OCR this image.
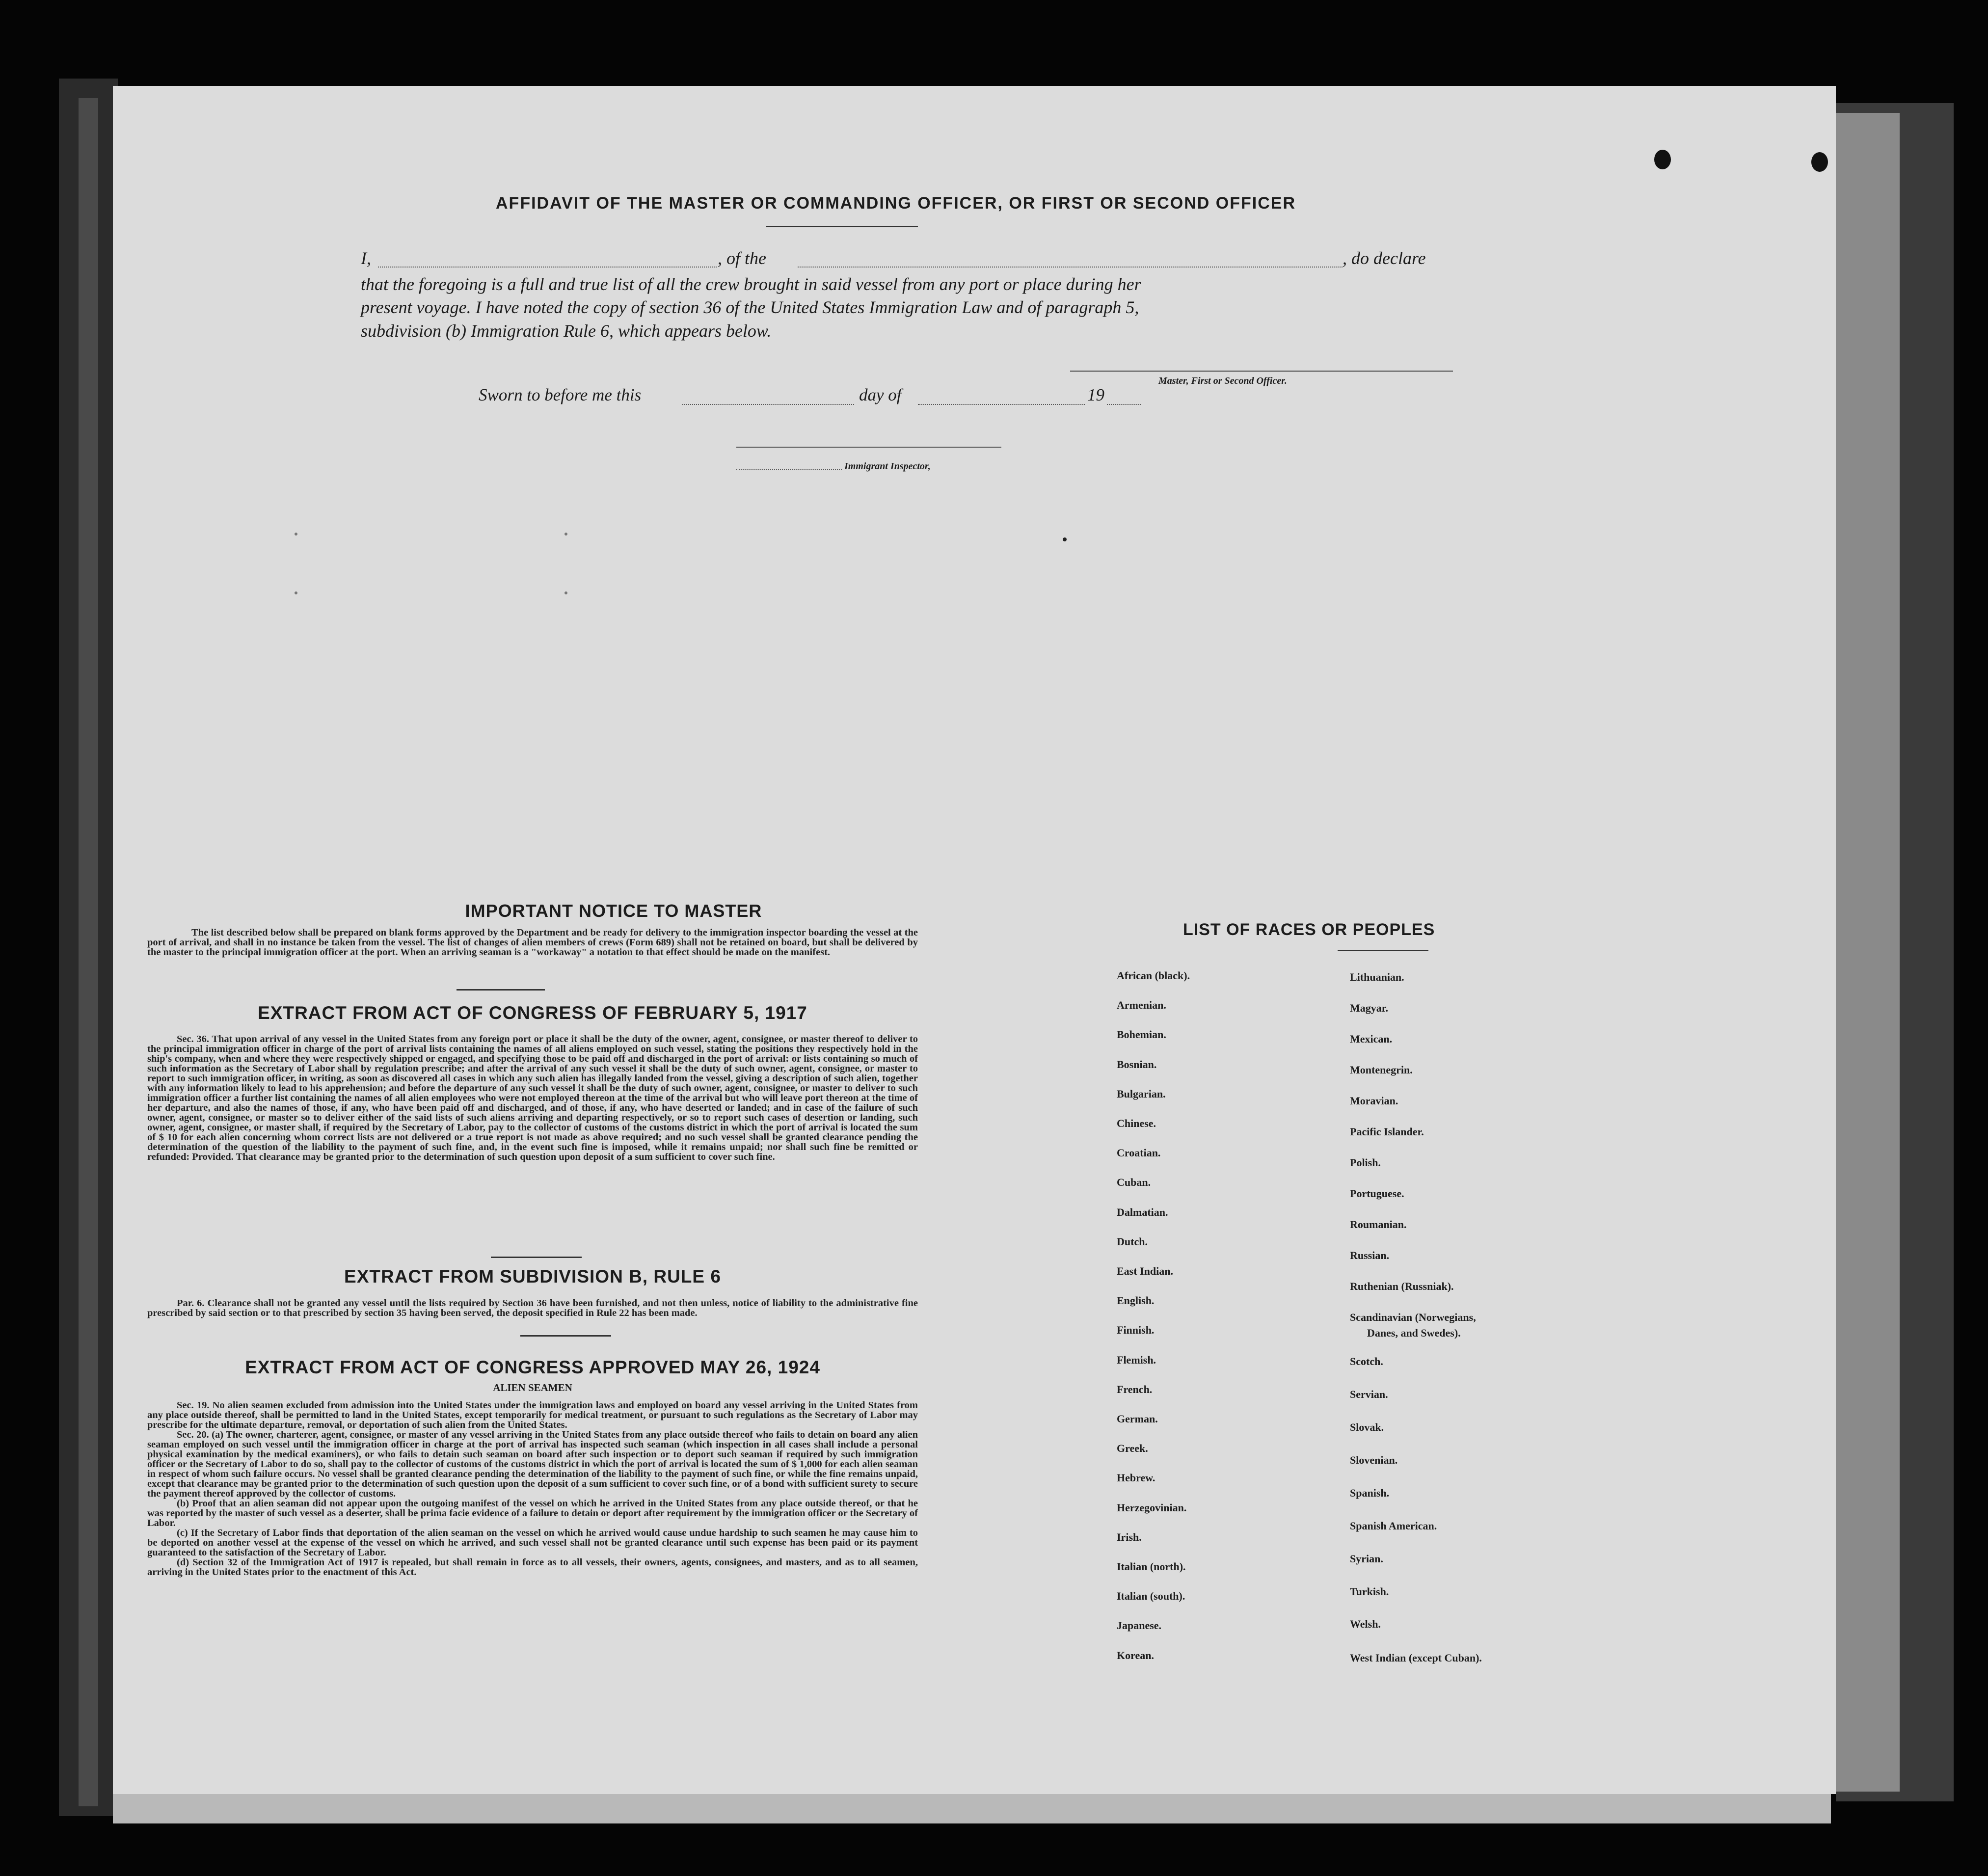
AFFIDAVIT OF THE MASTER OR COMMANDING OFFICER, OR FIRST OR SECOND OFFICER
I,	, of the	, do declare
that the foregoing is a full and true list of all the crew brought in said vessel from any port or place during her
present voyage. I have noted the copy of section 36 of the United States Immigration Law and of paragraph 5,
subdivision (b) Immigration Rule 6, which appears below.
Master, First or Second Officer.
Sworn to before me this	day of	19
Immigrant Inspector,
IMPORTANT NOTICE TO MASTER

The list described below shall be prepared on blank forms approved by the Department and be ready for delivery to the immigration inspector boarding the vessel at the port of arrival, and shall in no instance be taken from the vessel. The list of changes of alien members of crews (Form 689) shall not be retained on board, but shall be delivered by the master to the principal immigration officer at the port. When an arriving seaman is a "workaway" a notation to that effect should be made on the manifest.

EXTRACT FROM ACT OF CONGRESS OF FEBRUARY 5, 1917

Sec. 36. That upon arrival of any vessel in the United States from any foreign port or place it shall be the duty of the owner, agent, consignee, or master thereof to deliver to the principal immigration officer in charge of the port of arrival lists containing the names of all aliens employed on such vessel, stating the positions they respectively hold in the ship's company, when and where they were respectively shipped or engaged, and specifying those to be paid off and discharged in the port of arrival: or lists containing so much of such information as the Secretary of Labor shall by regulation prescribe; and after the arrival of any such vessel it shall be the duty of such owner, agent, consignee, or master to report to such immigration officer, in writing, as soon as discovered all cases in which any such alien has illegally landed from the vessel, giving a description of such alien, together with any information likely to lead to his apprehension; and before the departure of any such vessel it shall be the duty of such owner, agent, consignee, or master to deliver to such immigration officer a further list containing the names of all alien employees who were not employed thereon at the time of the arrival but who will leave port thereon at the time of her departure, and also the names of those, if any, who have been paid off and discharged, and of those, if any, who have deserted or landed; and in case of the failure of such owner, agent, consignee, or master so to deliver either of the said lists of such aliens arriving and departing respectively, or so to report such cases of desertion or landing, such owner, agent, consignee, or master shall, if required by the Secretary of Labor, pay to the collector of customs of the customs district in which the port of arrival is located the sum of $ 10 for each alien concerning whom correct lists are not delivered or a true report is not made as above required; and no such vessel shall be granted clearance pending the determination of the question of the liability to the payment of such fine, and, in the event such fine is imposed, while it remains unpaid; nor shall such fine be remitted or refunded: Provided. That clearance may be granted prior to the determination of such question upon deposit of a sum sufficient to cover such fine.

EXTRACT FROM SUBDIVISION B, RULE 6

Par. 6. Clearance shall not be granted any vessel until the lists required by Section 36 have been furnished, and not then unless, notice of liability to the administrative fine prescribed by said section or to that prescribed by section 35 having been served, the deposit specified in Rule 22 has been made.

EXTRACT FROM ACT OF CONGRESS APPROVED MAY 26, 1924
ALIEN SEAMEN

Sec. 19. No alien seamen excluded from admission into the United States under the immigration laws and employed on board any vessel arriving in the United States from any place outside thereof, shall be permitted to land in the United States, except temporarily for medical treatment, or pursuant to such regulations as the Secretary of Labor may prescribe for the ultimate departure, removal, or deportation of such alien from the United States.

Sec. 20. (a) The owner, charterer, agent, consignee, or master of any vessel arriving in the United States from any place outside thereof who fails to detain on board any alien seaman employed on such vessel until the immigration officer in charge at the port of arrival has inspected such seaman (which inspection in all cases shall include a personal physical examination by the medical examiners), or who fails to detain such seaman on board after such inspection or to deport such seaman if required by such immigration officer or the Secretary of Labor to do so, shall pay to the collector of customs of the customs district in which the port of arrival is located the sum of $ 1,000 for each alien seaman in respect of whom such failure occurs. No vessel shall be granted clearance pending the determination of the liability to the payment of such fine, or while the fine remains unpaid, except that clearance may be granted prior to the determination of such question upon the deposit of a sum sufficient to cover such fine, or of a bond with sufficient surety to secure the payment thereof approved by the collector of customs.

(b) Proof that an alien seaman did not appear upon the outgoing manifest of the vessel on which he arrived in the United States from any place outside thereof, or that he was reported by the master of such vessel as a deserter, shall be prima facie evidence of a failure to detain or deport after requirement by the immigration officer or the Secretary of Labor.

(c) If the Secretary of Labor finds that deportation of the alien seaman on the vessel on which he arrived would cause undue hardship to such seamen he may cause him to be deported on another vessel at the expense of the vessel on which he arrived, and such vessel shall not be granted clearance until such expense has been paid or its payment guaranteed to the satisfaction of the Secretary of Labor.

(d) Section 32 of the Immigration Act of 1917 is repealed, but shall remain in force as to all vessels, their owners, agents, consignees, and masters, and as to all seamen, arriving in the United States prior to the enactment of this Act.

LIST OF RACES OR PEOPLES
African (black).
Armenian.
Bohemian.
Bosnian.
Bulgarian.
Chinese.
Croatian.
Cuban.
Dalmatian.
Dutch.
East Indian.
English.
Finnish.
Flemish.
French.
German.
Greek.
Hebrew.
Herzegovinian.
Irish.
Italian (north).
Italian (south).
Japanese.
Korean.
Lithuanian.
Magyar.
Mexican.
Montenegrin.
Moravian.
Pacific Islander.
Polish.
Portuguese.
Roumanian.
Russian.
Ruthenian (Russniak).
Scandinavian (Norwegians,
Danes, and Swedes).
Scotch.
Servian.
Slovak.
Slovenian.
Spanish.
Spanish American.
Syrian.
Turkish.
Welsh.
West Indian (except Cuban).
